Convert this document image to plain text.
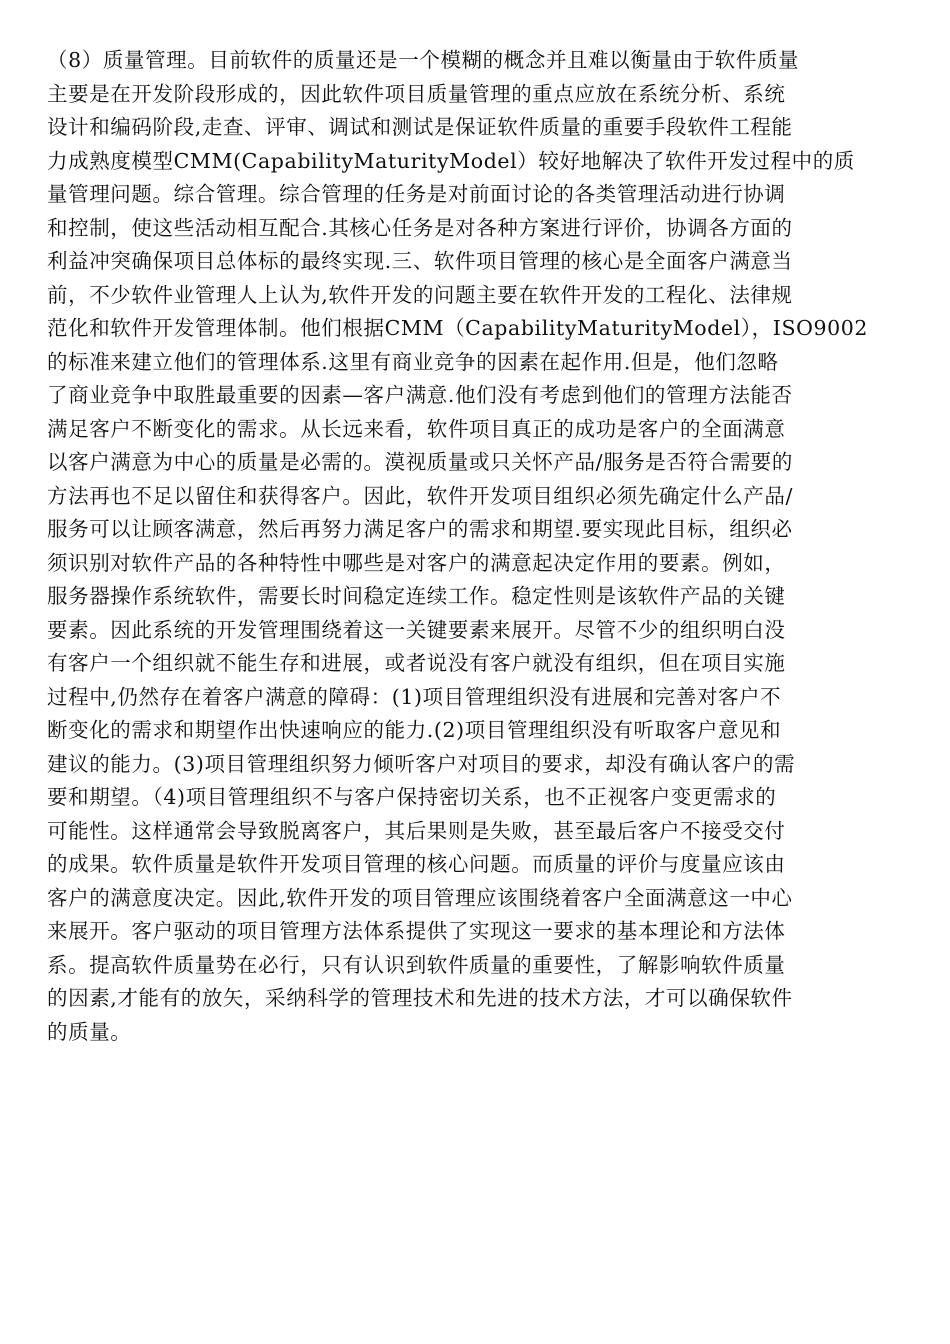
（8）质量管理。目前软件的质量还是一个模糊的概念并且难以衡量由于软件质量
主要是在开发阶段形成的，因此软件项目质量管理的重点应放在系统分析、系统
设计和编码阶段,走查、评审、调试和测试是保证软件质量的重要手段软件工程能
力成熟度模型CMM(CapabilityMaturityModel）较好地解决了软件开发过程中的质
量管理问题。综合管理。综合管理的任务是对前面讨论的各类管理活动进行协调
和控制，使这些活动相互配合.其核心任务是对各种方案进行评价，协调各方面的
利益冲突确保项目总体标的最终实现.三、软件项目管理的核心是全面客户满意当
前，不少软件业管理人上认为,软件开发的问题主要在软件开发的工程化、法律规
范化和软件开发管理体制。他们根据CMM（CapabilityMaturityModel），ISO9002
的标准来建立他们的管理体系.这里有商业竞争的因素在起作用.但是，他们忽略
了商业竞争中取胜最重要的因素—客户满意.他们没有考虑到他们的管理方法能否
满足客户不断变化的需求。从长远来看，软件项目真正的成功是客户的全面满意
以客户满意为中心的质量是必需的。漠视质量或只关怀产品/服务是否符合需要的
方法再也不足以留住和获得客户。因此，软件开发项目组织必须先确定什么产品/
服务可以让顾客满意，然后再努力满足客户的需求和期望.要实现此目标，组织必
须识别对软件产品的各种特性中哪些是对客户的满意起决定作用的要素。例如，
服务器操作系统软件，需要长时间稳定连续工作。稳定性则是该软件产品的关键
要素。因此系统的开发管理围绕着这一关键要素来展开。尽管不少的组织明白没
有客户一个组织就不能生存和进展，或者说没有客户就没有组织，但在项目实施
过程中,仍然存在着客户满意的障碍：(1)项目管理组织没有进展和完善对客户不
断变化的需求和期望作出快速响应的能力.(2)项目管理组织没有听取客户意见和
建议的能力。(3)项目管理组织努力倾听客户对项目的要求，却没有确认客户的需
要和期望。（4)项目管理组织不与客户保持密切关系，也不正视客户变更需求的
可能性。这样通常会导致脱离客户，其后果则是失败，甚至最后客户不接受交付
的成果。软件质量是软件开发项目管理的核心问题。而质量的评价与度量应该由
客户的满意度决定。因此,软件开发的项目管理应该围绕着客户全面满意这一中心
来展开。客户驱动的项目管理方法体系提供了实现这一要求的基本理论和方法体
系。提高软件质量势在必行，只有认识到软件质量的重要性，了解影响软件质量
的因素,才能有的放矢，采纳科学的管理技术和先进的技术方法，才可以确保软件
的质量。
